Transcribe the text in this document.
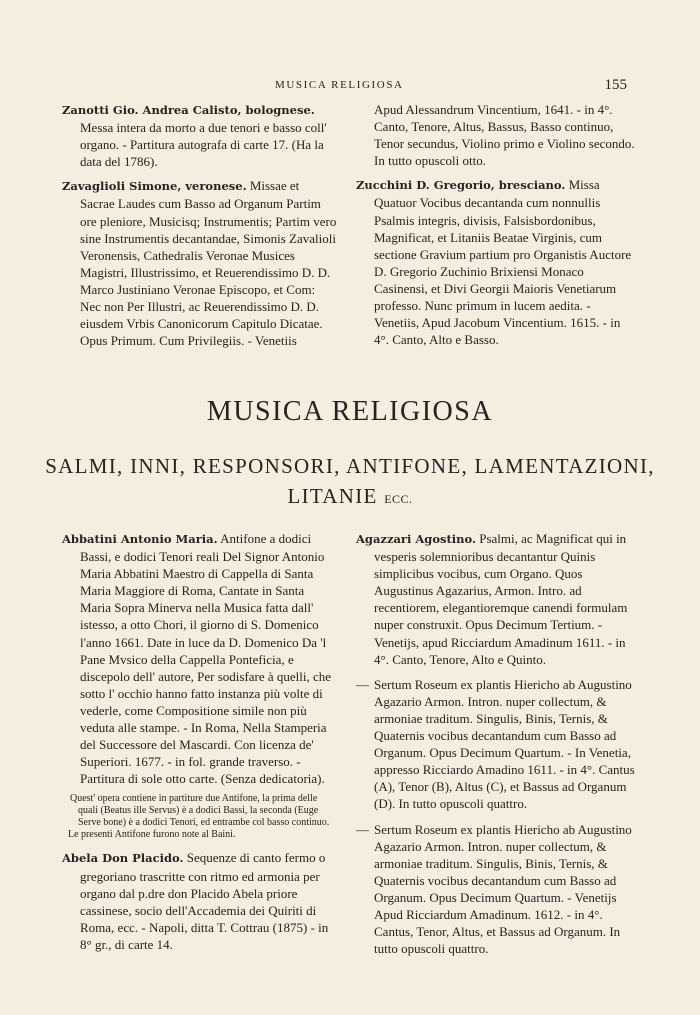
MUSICA RELIGIOSA	155

Zanotti Gio. Andrea Calisto, bolognese. Messa intera da morto a due tenori e basso coll' organo. - Partitura autografa di carte 17. (Ha la data del 1786).

Zavaglioli Simone, veronese. Missae et Sacrae Laudes cum Basso ad Organum Partim ore pleniore, Musicisq; Instrumentis; Partim vero sine Instrumentis decantandae, Simonis Zavalioli Veronensis, Cathedralis Veronae Musices Magistri, Illustrissimo, et Reuerendissimo D. D. Marco Justiniano Veronae Episcopo, et Com: Nec non Per Illustri, ac Reuerendissimo D. D. eiusdem Vrbis Canonicorum Capitulo Dicatae. Opus Primum. Cum Privilegiis. - Venetiis

Apud Alessandrum Vincentium, 1641. - in 4°. Canto, Tenore, Altus, Bassus, Basso continuo, Tenor secundus, Violino primo e Violino secondo. In tutto opuscoli otto.

Zucchini D. Gregorio, bresciano. Missa Quatuor Vocibus decantanda cum nonnullis Psalmis integris, divisis, Falsisbordonibus, Magnificat, et Litaniis Beatae Virginis, cum sectione Gravium partium pro Organistis Auctore D. Gregorio Zuchinio Brixiensi Monaco Casinensi, et Divi Georgii Maioris Venetiarum professo. Nunc primum in lucem aedita. - Venetiis, Apud Jacobum Vincentium. 1615. - in 4°. Canto, Alto e Basso.

MUSICA RELIGIOSA
SALMI, INNI, RESPONSORI, ANTIFONE, LAMENTAZIONI,
LITANIE ECC.

Abbatini Antonio Maria. Antifone a dodici Bassi, e dodici Tenori reali Del Signor Antonio Maria Abbatini Maestro di Cappella di Santa Maria Maggiore di Roma, Cantate in Santa Maria Sopra Minerva nella Musica fatta dall' istesso, a otto Chori, il giorno di S. Domenico l'anno 1661. Date in luce da D. Domenico Da 'l Pane Mvsico della Cappella Ponteficia, e discepolo dell' autore, Per sodisfare à quelli, che sotto l' occhio hanno fatto instanza più volte di vederle, come Compositione simile non più veduta alle stampe. - In Roma, Nella Stamperia del Successore del Mascardi. Con licenza de' Superiori. 1677. - in fol. grande traverso. - Partitura di sole otto carte. (Senza dedicatoria).

Quest' opera contiene in partiture due Antifone, la prima delle quali (Beatus ille Servus) è a dodici Bassi, la seconda (Euge Serve bone) è a dodici Tenori, ed entrambe col basso continuo.
Le presenti Antifone furono note al Baini.

Abela Don Placido. Sequenze di canto fermo o gregoriano trascritte con ritmo ed armonia per organo dal p.dre don Placido Abela priore cassinese, socio dell'Accademia dei Quiriti di Roma, ecc. - Napoli, ditta T. Cottrau (1875) - in 8° gr., di carte 14.

Agazzari Agostino. Psalmi, ac Magnificat qui in vesperis solemnioribus decantantur Quinis simplicibus vocibus, cum Organo. Quos Augustinus Agazarius, Armon. Intro. ad recentiorem, elegantioremque canendi formulam nuper construxit. Opus Decimum Tertium. - Venetijs, apud Ricciardum Amadinum 1611. - in 4°. Canto, Tenore, Alto e Quinto.

— Sertum Roseum ex plantis Hiericho ab Augustino Agazario Armon. Intron. nuper collectum, & armoniae traditum. Singulis, Binis, Ternis, & Quaternis vocibus decantandum cum Basso ad Organum. Opus Decimum Quartum. - In Venetia, appresso Ricciardo Amadino 1611. - in 4°. Cantus (A), Tenor (B), Altus (C), et Bassus ad Organum (D). In tutto opuscoli quattro.

— Sertum Roseum ex plantis Hiericho ab Augustino Agazario Armon. Intron. nuper collectum, & armoniae traditum. Singulis, Binis, Ternis, & Quaternis vocibus decantandum cum Basso ad Organum. Opus Decimum Quartum. - Venetijs Apud Ricciardum Amadinum. 1612. - in 4°. Cantus, Tenor, Altus, et Bassus ad Organum. In tutto opuscoli quattro.
